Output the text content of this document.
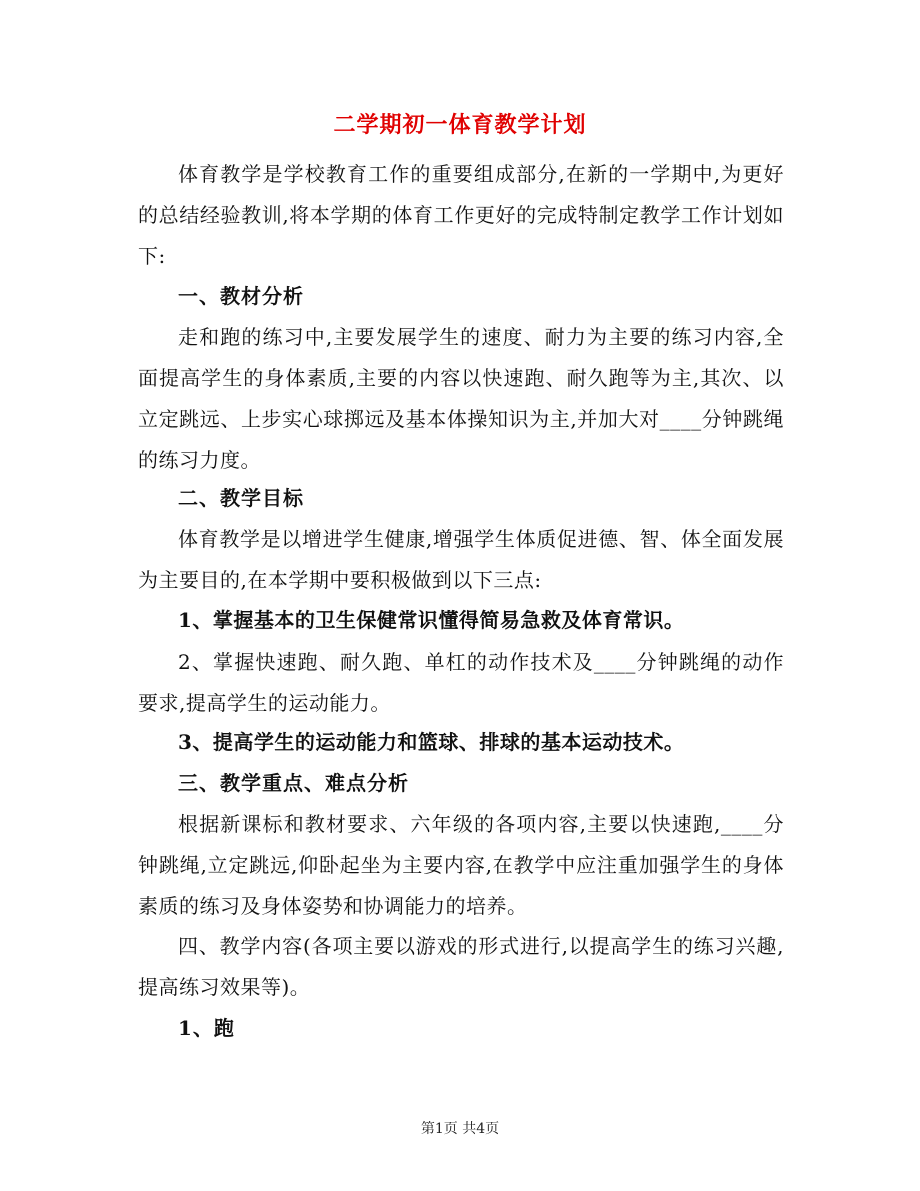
二学期初一体育教学计划

体育教学是学校教育工作的重要组成部分,在新的一学期中,为更好的总结经验教训,将本学期的体育工作更好的完成特制定教学工作计划如下:

一、教材分析

走和跑的练习中,主要发展学生的速度、耐力为主要的练习内容,全面提高学生的身体素质,主要的内容以快速跑、耐久跑等为主,其次、以立定跳远、上步实心球掷远及基本体操知识为主,并加大对____分钟跳绳的练习力度。

二、教学目标

体育教学是以增进学生健康,增强学生体质促进德、智、体全面发展为主要目的,在本学期中要积极做到以下三点:

1、掌握基本的卫生保健常识懂得简易急救及体育常识。

2、掌握快速跑、耐久跑、单杠的动作技术及____分钟跳绳的动作要求,提高学生的运动能力。

3、提高学生的运动能力和篮球、排球的基本运动技术。

三、教学重点、难点分析

根据新课标和教材要求、六年级的各项内容,主要以快速跑,____分钟跳绳,立定跳远,仰卧起坐为主要内容,在教学中应注重加强学生的身体素质的练习及身体姿势和协调能力的培养。

四、教学内容(各项主要以游戏的形式进行,以提高学生的练习兴趣,提高练习效果等)。

1、跑

第1页 共4页
